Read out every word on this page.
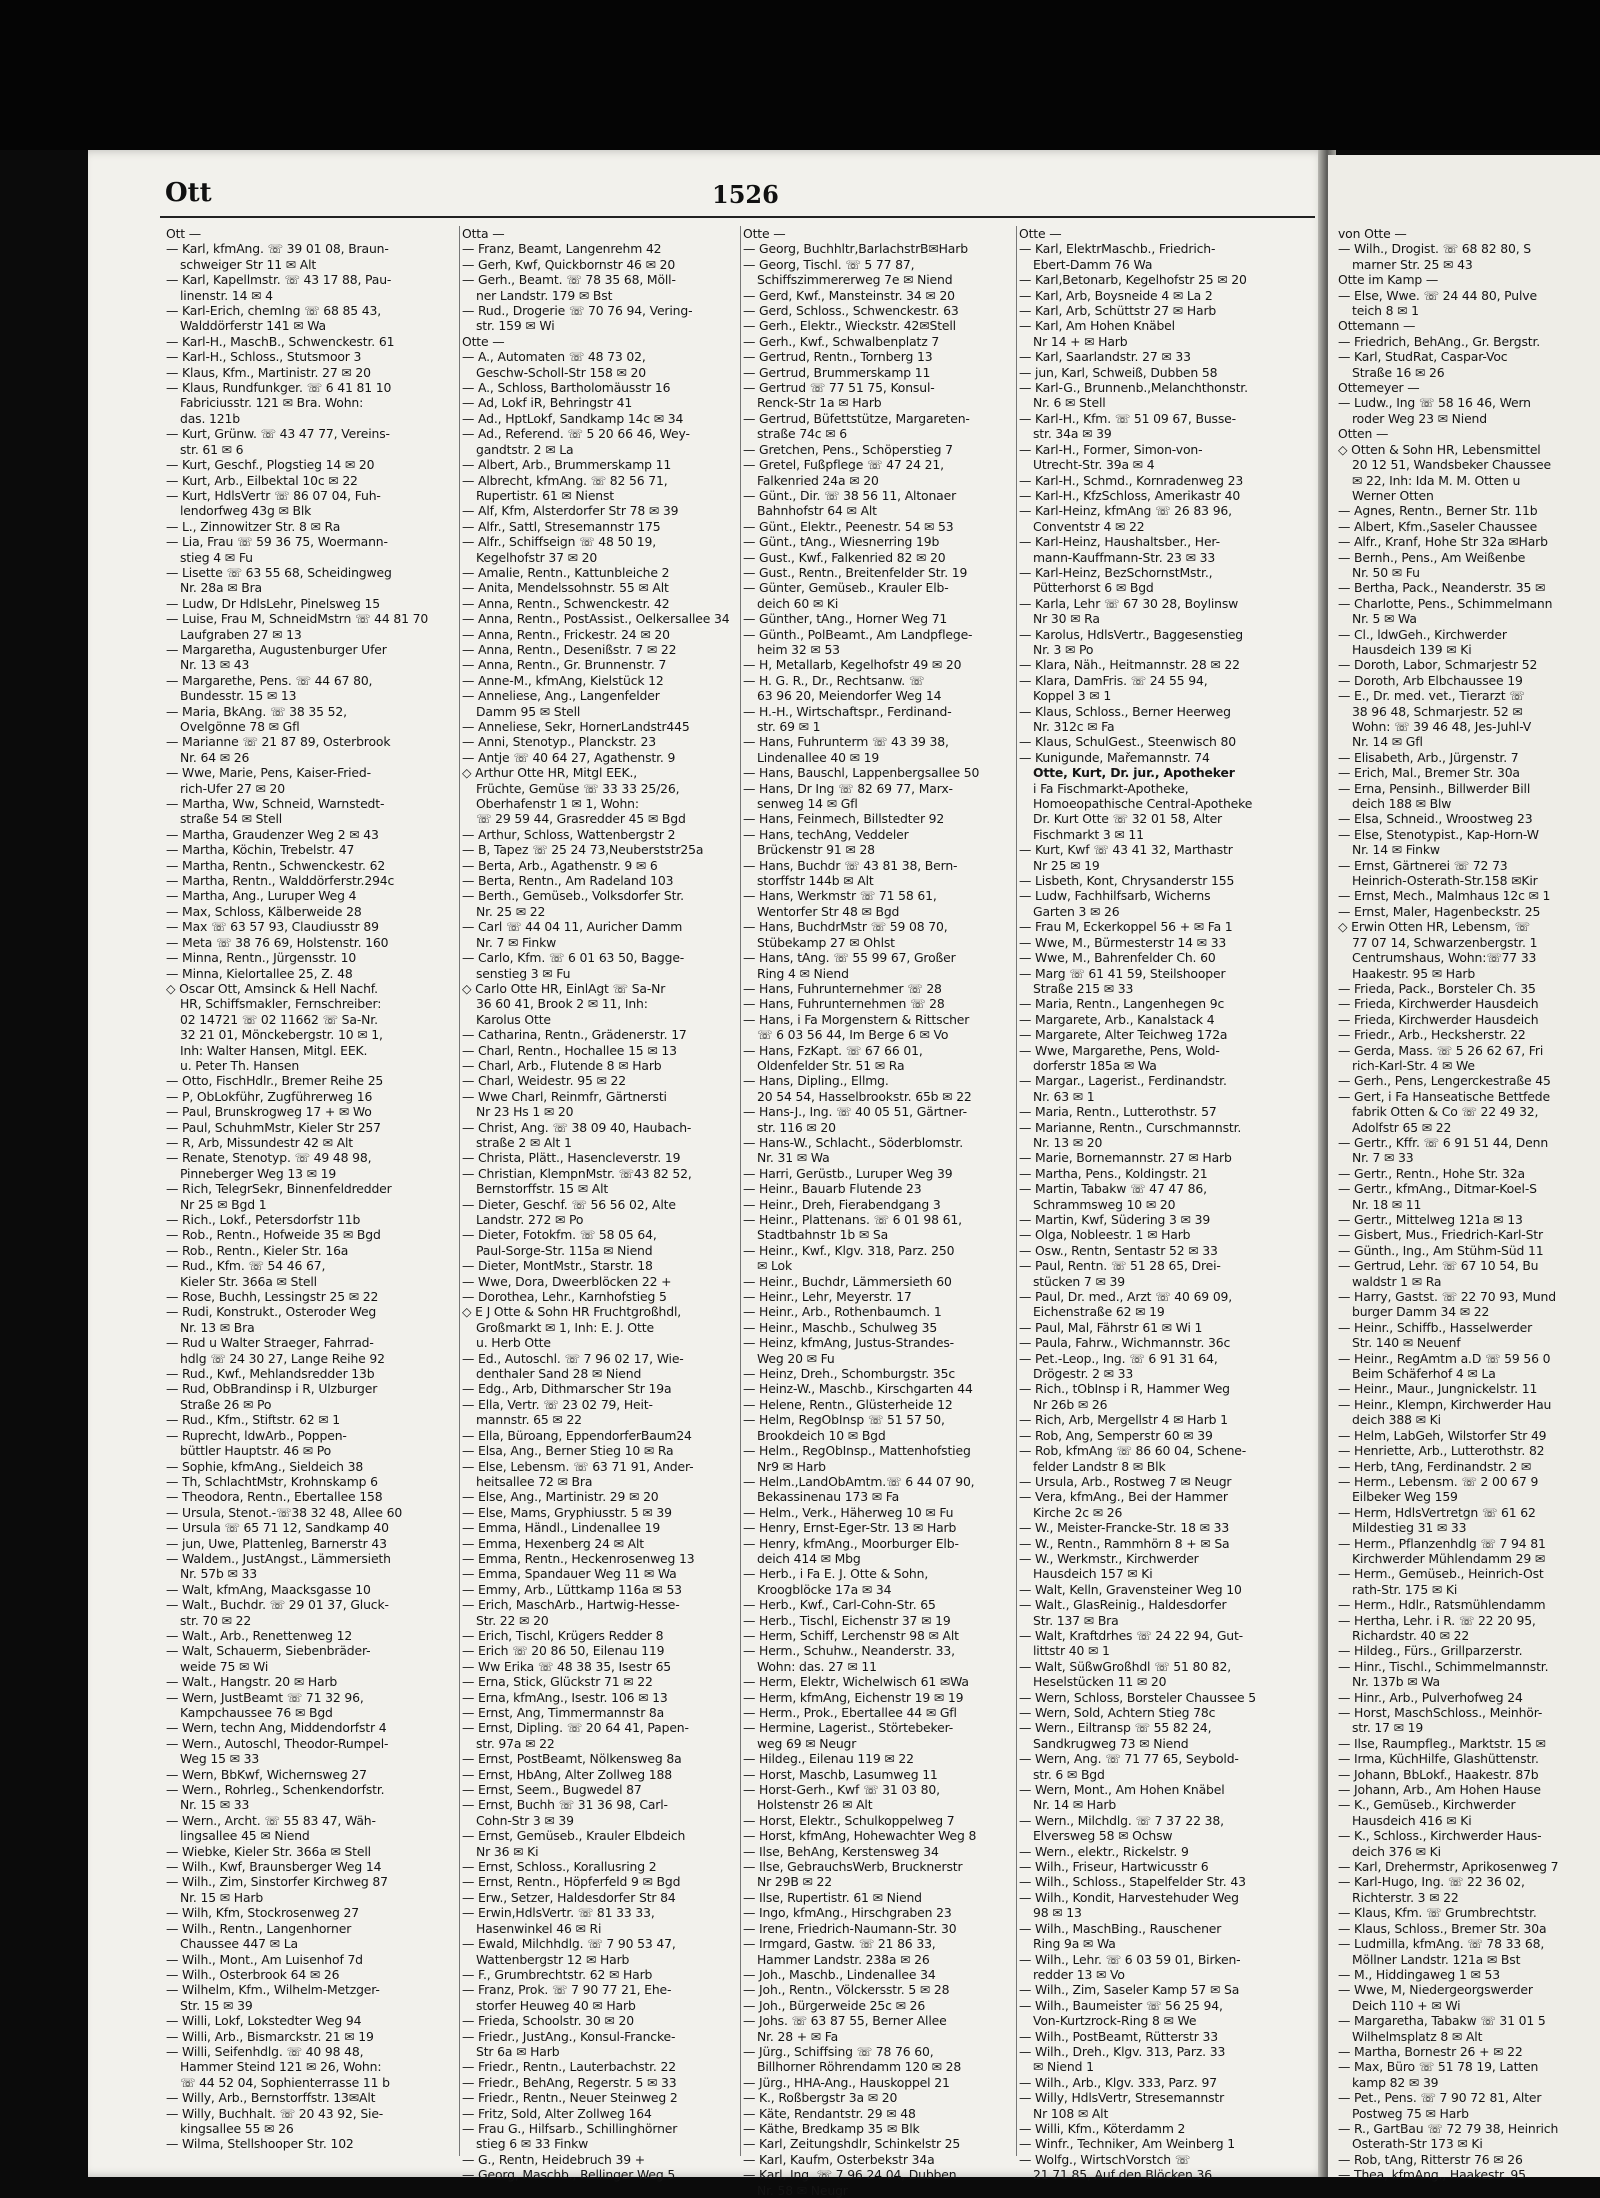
Ott	1526
Ott —
— Karl, kfmAng. ☏ 39 01 08, Braun-
schweiger Str 11 ✉ Alt
— Karl, Kapellmstr. ☏ 43 17 88, Pau-
linenstr. 14 ✉ 4
— Karl-Erich, chemIng ☏ 68 85 43,
Walddörferstr 141 ✉ Wa
— Karl-H., MaschB., Schwenckestr. 61
— Karl-H., Schloss., Stutsmoor 3
— Klaus, Kfm., Martinistr. 27 ✉ 20
— Klaus, Rundfunkger. ☏ 6 41 81 10
Fabriciusstr. 121 ✉ Bra. Wohn:
das. 121b
— Kurt, Grünw. ☏ 43 47 77, Vereins-
str. 61 ✉ 6
— Kurt, Geschf., Plogstieg 14 ✉ 20
— Kurt, Arb., Eilbektal 10c ✉ 22
— Kurt, HdlsVertr ☏ 86 07 04, Fuh-
lendorfweg 43g ✉ Blk
— L., Zinnowitzer Str. 8 ✉ Ra
— Lia, Frau ☏ 59 36 75, Woermann-
stieg 4 ✉ Fu
— Lisette ☏ 63 55 68, Scheidingweg
Nr. 28a ✉ Bra
— Ludw, Dr HdlsLehr, Pinelsweg 15
— Luise, Frau M, SchneidMstrn ☏ 44 81 70
Laufgraben 27 ✉ 13
— Margaretha, Augustenburger Ufer
Nr. 13 ✉ 43
— Margarethe, Pens. ☏ 44 67 80,
Bundesstr. 15 ✉ 13
— Maria, BkAng. ☏ 38 35 52,
Ovelgönne 78 ✉ Gfl
— Marianne ☏ 21 87 89, Osterbrook
Nr. 64 ✉ 26
— Wwe, Marie, Pens, Kaiser-Fried-
rich-Ufer 27 ✉ 20
— Martha, Ww, Schneid, Warnstedt-
straße 54 ✉ Stell
— Martha, Graudenzer Weg 2 ✉ 43
— Martha, Köchin, Trebelstr. 47
— Martha, Rentn., Schwenckestr. 62
— Martha, Rentn., Walddörferstr.294c
— Martha, Ang., Luruper Weg 4
— Max, Schloss, Kälberweide 28
— Max ☏ 63 57 93, Claudiusstr 89
— Meta ☏ 38 76 69, Holstenstr. 160
— Minna, Rentn., Jürgensstr. 10
— Minna, Kielortallee 25, Z. 48
◇ Oscar Ott, Amsinck & Hell Nachf.
HR, Schiffsmakler, Fernschreiber:
02 14721 ☏ 02 11662 ☏ Sa-Nr.
32 21 01, Mönckebergstr. 10 ✉ 1,
Inh: Walter Hansen, Mitgl. EEK.
u. Peter Th. Hansen
— Otto, FischHdlr., Bremer Reihe 25
— P, ObLokführ, Zugführerweg 16
— Paul, Brunskrogweg 17 + ✉ Wo
— Paul, SchuhmMstr, Kieler Str 257
— R, Arb, Missundestr 42 ✉ Alt
— Renate, Stenotyp. ☏ 49 48 98,
Pinneberger Weg 13 ✉ 19
— Rich, TelegrSekr, Binnenfeldredder
Nr 25 ✉ Bgd 1
— Rich., Lokf., Petersdorfstr 11b
— Rob., Rentn., Hofweide 35 ✉ Bgd
— Rob., Rentn., Kieler Str. 16a
— Rud., Kfm. ☏ 54 46 67,
Kieler Str. 366a ✉ Stell
— Rose, Buchh, Lessingstr 25 ✉ 22
— Rudi, Konstrukt., Osteroder Weg
Nr. 13 ✉ Bra
— Rud u Walter Straeger, Fahrrad-
hdlg ☏ 24 30 27, Lange Reihe 92
— Rud., Kwf., Mehlandsredder 13b
— Rud, ObBrandinsp i R, Ulzburger
Straße 26 ✉ Po
— Rud., Kfm., Stiftstr. 62 ✉ 1
— Ruprecht, ldwArb., Poppen-
büttler Hauptstr. 46 ✉ Po
— Sophie, kfmAng., Sieldeich 38
— Th, SchlachtMstr, Krohnskamp 6
— Theodora, Rentn., Ebertallee 158
— Ursula, Stenot.-☏38 32 48, Allee 60
— Ursula ☏ 65 71 12, Sandkamp 40
— jun, Uwe, Plattenleg, Barnerstr 43
— Waldem., JustAngst., Lämmersieth
Nr. 57b ✉ 33
— Walt, kfmAng, Maacksgasse 10
— Walt., Buchdr. ☏ 29 01 37, Gluck-
str. 70 ✉ 22
— Walt., Arb., Renettenweg 12
— Walt, Schauerm, Siebenbräder-
weide 75 ✉ Wi
— Walt., Hangstr. 20 ✉ Harb
— Wern, JustBeamt ☏ 71 32 96,
Kampchaussee 76 ✉ Bgd
— Wern, techn Ang, Middendorfstr 4
— Wern., Autoschl, Theodor-Rumpel-
Weg 15 ✉ 33
— Wern, BbKwf, Wichernsweg 27
— Wern., Rohrleg., Schenkendorfstr.
Nr. 15 ✉ 33
— Wern., Archt. ☏ 55 83 47, Wäh-
lingsallee 45 ✉ Niend
— Wiebke, Kieler Str. 366a ✉ Stell
— Wilh., Kwf, Braunsberger Weg 14
— Wilh., Zim, Sinstorfer Kirchweg 87
Nr. 15 ✉ Harb
— Wilh, Kfm, Stockrosenweg 27
— Wilh., Rentn., Langenhorner
Chaussee 447 ✉ La
— Wilh., Mont., Am Luisenhof 7d
— Wilh., Osterbrook 64 ✉ 26
— Wilhelm, Kfm., Wilhelm-Metzger-
Str. 15 ✉ 39
— Willi, Lokf, Lokstedter Weg 94
— Willi, Arb., Bismarckstr. 21 ✉ 19
— Willi, Seifenhdlg. ☏ 40 98 48,
Hammer Steind 121 ✉ 26, Wohn:
☏ 44 52 04, Sophienterrasse 11 b
— Willy, Arb., Bernstorffstr. 13✉Alt
— Willy, Buchhalt. ☏ 20 43 92, Sie-
kingsallee 55 ✉ 26
— Wilma, Stellshooper Str. 102
Otta —
— Franz, Beamt, Langenrehm 42
— Gerh, Kwf, Quickbornstr 46 ✉ 20
— Gerh., Beamt. ☏ 78 35 68, Möll-
ner Landstr. 179 ✉ Bst
— Rud., Drogerie ☏ 70 76 94, Vering-
str. 159 ✉ Wi
Otte —
— A., Automaten ☏ 48 73 02,
Geschw-Scholl-Str 158 ✉ 20
— A., Schloss, Bartholomäusstr 16
— Ad, Lokf iR, Behringstr 41
— Ad., HptLokf, Sandkamp 14c ✉ 34
— Ad., Referend. ☏ 5 20 66 46, Wey-
gandtstr. 2 ✉ La
— Albert, Arb., Brummerskamp 11
— Albrecht, kfmAng. ☏ 82 56 71,
Rupertistr. 61 ✉ Nienst
— Alf, Kfm, Alsterdorfer Str 78 ✉ 39
— Alfr., Sattl, Stresemannstr 175
— Alfr., Schiffseign ☏ 48 50 19,
Kegelhofstr 37 ✉ 20
— Amalie, Rentn., Kattunbleiche 2
— Anita, Mendelssohnstr. 55 ✉ Alt
— Anna, Rentn., Schwenckestr. 42
— Anna, Rentn., PostAssist., Oelkersallee 34
— Anna, Rentn., Frickestr. 24 ✉ 20
— Anna, Rentn., Desenißstr. 7 ✉ 22
— Anna, Rentn., Gr. Brunnenstr. 7
— Anne-M., kfmAng, Kielstück 12
— Anneliese, Ang., Langenfelder
Damm 95 ✉ Stell
— Anneliese, Sekr, HornerLandstr445
— Anni, Stenotyp., Planckstr. 23
— Antje ☏ 40 64 27, Agathenstr. 9
◇ Arthur Otte HR, Mitgl EEK.,
Früchte, Gemüse ☏ 33 33 25/26,
Oberhafenstr 1 ✉ 1, Wohn:
☏ 29 59 44, Grasredder 45 ✉ Bgd
— Arthur, Schloss, Wattenbergstr 2
— B, Tapez ☏ 25 24 73,Neuberststr25a
— Berta, Arb., Agathenstr. 9 ✉ 6
— Berta, Rentn., Am Radeland 103
— Berth., Gemüseb., Volksdorfer Str.
Nr. 25 ✉ 22
— Carl ☏ 44 04 11, Auricher Damm
Nr. 7 ✉ Finkw
— Carlo, Kfm. ☏ 6 01 63 50, Bagge-
senstieg 3 ✉ Fu
◇ Carlo Otte HR, EinlAgt ☏ Sa-Nr
36 60 41, Brook 2 ✉ 11, Inh:
Karolus Otte
— Catharina, Rentn., Grädenerstr. 17
— Charl, Rentn., Hochallee 15 ✉ 13
— Charl, Arb., Flutende 8 ✉ Harb
— Charl, Weidestr. 95 ✉ 22
— Wwe Charl, Reinmfr, Gärtnersti
Nr 23 Hs 1 ✉ 20
— Christ, Ang. ☏ 38 09 40, Haubach-
straße 2 ✉ Alt 1
— Christa, Plätt., Hasencleverstr. 19
— Christian, KlempnMstr. ☏43 82 52,
Bernstorffstr. 15 ✉ Alt
— Dieter, Geschf. ☏ 56 56 02, Alte
Landstr. 272 ✉ Po
— Dieter, Fotokfm. ☏ 58 05 64,
Paul-Sorge-Str. 115a ✉ Niend
— Dieter, MontMstr., Starstr. 18
— Wwe, Dora, Dweerblöcken 22 +
— Dorothea, Lehr., Karnhofstieg 5
◇ E J Otte & Sohn HR Fruchtgroßhdl,
Großmarkt ✉ 1, Inh: E. J. Otte
u. Herb Otte
— Ed., Autoschl. ☏ 7 96 02 17, Wie-
denthaler Sand 28 ✉ Niend
— Edg., Arb, Dithmarscher Str 19a
— Ella, Vertr. ☏ 23 02 79, Heit-
mannstr. 65 ✉ 22
— Ella, Büroang, EppendorferBaum24
— Elsa, Ang., Berner Stieg 10 ✉ Ra
— Else, Lebensm. ☏ 63 71 91, Ander-
heitsallee 72 ✉ Bra
— Else, Ang., Martinistr. 29 ✉ 20
— Else, Mams, Gryphiusstr. 5 ✉ 39
— Emma, Händl., Lindenallee 19
— Emma, Hexenberg 24 ✉ Alt
— Emma, Rentn., Heckenrosenweg 13
— Emma, Spandauer Weg 11 ✉ Wa
— Emmy, Arb., Lüttkamp 116a ✉ 53
— Erich, MaschArb., Hartwig-Hesse-
Str. 22 ✉ 20
— Erich, Tischl, Krügers Redder 8
— Erich ☏ 20 86 50, Eilenau 119
— Ww Erika ☏ 48 38 35, Isestr 65
— Erna, Stick, Glückstr 71 ✉ 22
— Erna, kfmAng., Isestr. 106 ✉ 13
— Ernst, Ang, Timmermannstr 8a
— Ernst, Dipling. ☏ 20 64 41, Papen-
str. 97a ✉ 22
— Ernst, PostBeamt, Nölkensweg 8a
— Ernst, HbAng, Alter Zollweg 188
— Ernst, Seem., Bugwedel 87
— Ernst, Buchh ☏ 31 36 98, Carl-
Cohn-Str 3 ✉ 39
— Ernst, Gemüseb., Krauler Elbdeich
Nr 36 ✉ Ki
— Ernst, Schloss., Korallusring 2
— Ernst, Rentn., Höpferfeld 9 ✉ Bgd
— Erw., Setzer, Haldesdorfer Str 84
— Erwin,HdlsVertr. ☏ 81 33 33,
Hasenwinkel 46 ✉ Ri
— Ewald, Milchhdlg. ☏ 7 90 53 47,
Wattenbergstr 12 ✉ Harb
— F., Grumbrechtstr. 62 ✉ Harb
— Franz, Prok. ☏ 7 90 77 21, Ehe-
storfer Heuweg 40 ✉ Harb
— Frieda, Schoolstr. 30 ✉ 20
— Friedr., JustAng., Konsul-Francke-
Str 6a ✉ Harb
— Friedr., Rentn., Lauterbachstr. 22
— Friedr., BehAng, Regerstr. 5 ✉ 33
— Friedr., Rentn., Neuer Steinweg 2
— Fritz, Sold, Alter Zollweg 164
— Frau G., Hilfsarb., Schillinghörner
stieg 6 ✉ 33 Finkw
— G., Rentn, Heidebruch 39 +
— Georg, Maschb., Rellinger Weg 5
Otte —
— Georg, Buchhltr,BarlachstrB✉Harb
— Georg, Tischl. ☏ 5 77 87,
Schiffszimmererweg 7e ✉ Niend
— Gerd, Kwf., Mansteinstr. 34 ✉ 20
— Gerd, Schloss., Schwenckestr. 63
— Gerh., Elektr., Wieckstr. 42✉Stell
— Gerh., Kwf., Schwalbenplatz 7
— Gertrud, Rentn., Tornberg 13
— Gertrud, Brummerskamp 11
— Gertrud ☏ 77 51 75, Konsul-
Renck-Str 1a ✉ Harb
— Gertrud, Büfettstütze, Margareten-
straße 74c ✉ 6
— Gretchen, Pens., Schöperstieg 7
— Gretel, Fußpflege ☏ 47 24 21,
Falkenried 24a ✉ 20
— Günt., Dir. ☏ 38 56 11, Altonaer
Bahnhofstr 64 ✉ Alt
— Günt., Elektr., Peenestr. 54 ✉ 53
— Günt., tAng., Wiesnerring 19b
— Gust., Kwf., Falkenried 82 ✉ 20
— Gust., Rentn., Breitenfelder Str. 19
— Günter, Gemüseb., Krauler Elb-
deich 60 ✉ Ki
— Günther, tAng., Horner Weg 71
— Günth., PolBeamt., Am Landpflege-
heim 32 ✉ 53
— H, Metallarb, Kegelhofstr 49 ✉ 20
— H. G. R., Dr., Rechtsanw. ☏
63 96 20, Meiendorfer Weg 14
— H.-H., Wirtschaftspr., Ferdinand-
str. 69 ✉ 1
— Hans, Fuhrunterm ☏ 43 39 38,
Lindenallee 40 ✉ 19
— Hans, Bauschl, Lappenbergsallee 50
— Hans, Dr Ing ☏ 82 69 77, Marx-
senweg 14 ✉ Gfl
— Hans, Feinmech, Billstedter 92
— Hans, techAng, Veddeler
Brückenstr 91 ✉ 28
— Hans, Buchdr ☏ 43 81 38, Bern-
storffstr 144b ✉ Alt
— Hans, Werkmstr ☏ 71 58 61,
Wentorfer Str 48 ✉ Bgd
— Hans, BuchdrMstr ☏ 59 08 70,
Stübekamp 27 ✉ Ohlst
— Hans, tAng. ☏ 55 99 67, Großer
Ring 4 ✉ Niend
— Hans, Fuhrunternehmer ☏ 28
— Hans, Fuhrunternehmen ☏ 28
— Hans, i Fa Morgenstern & Rittscher
☏ 6 03 56 44, Im Berge 6 ✉ Vo
— Hans, FzKapt. ☏ 67 66 01,
Oldenfelder Str. 51 ✉ Ra
— Hans, Dipling., Ellmg.
20 54 54, Hasselbrookstr. 65b ✉ 22
— Hans-J., Ing. ☏ 40 05 51, Gärtner-
str. 116 ✉ 20
— Hans-W., Schlacht., Söderblomstr.
Nr. 31 ✉ Wa
— Harri, Gerüstb., Luruper Weg 39
— Heinr., Bauarb Flutende 23
— Heinr., Dreh, Fierabendgang 3
— Heinr., Plattenans. ☏ 6 01 98 61,
Stadtbahnstr 1b ✉ Sa
— Heinr., Kwf., Klgv. 318, Parz. 250
✉ Lok
— Heinr., Buchdr, Lämmersieth 60
— Heinr., Lehr, Meyerstr. 17
— Heinr., Arb., Rothenbaumch. 1
— Heinr., Maschb., Schulweg 35
— Heinz, kfmAng, Justus-Strandes-
Weg 20 ✉ Fu
— Heinz, Dreh., Schomburgstr. 35c
— Heinz-W., Maschb., Kirschgarten 44
— Helene, Rentn., Glüsterheide 12
— Helm, RegObInsp ☏ 51 57 50,
Brookdeich 10 ✉ Bgd
— Helm., RegObInsp., Mattenhofstieg
Nr9 ✉ Harb
— Helm.,LandObAmtm.☏ 6 44 07 90,
Bekassinenau 173 ✉ Fa
— Helm., Verk., Häherweg 10 ✉ Fu
— Henry, Ernst-Eger-Str. 13 ✉ Harb
— Henry, kfmAng., Moorburger Elb-
deich 414 ✉ Mbg
— Herb., i Fa E. J. Otte & Sohn,
Kroogblöcke 17a ✉ 34
— Herb., Kwf., Carl-Cohn-Str. 65
— Herb., Tischl, Eichenstr 37 ✉ 19
— Herm, Schiff, Lerchenstr 98 ✉ Alt
— Herm., Schuhw., Neanderstr. 33,
Wohn: das. 27 ✉ 11
— Herm, Elektr, Wichelwisch 61 ✉Wa
— Herm, kfmAng, Eichenstr 19 ✉ 19
— Herm., Prok., Ebertallee 44 ✉ Gfl
— Hermine, Lagerist., Störtebeker-
weg 69 ✉ Neugr
— Hildeg., Eilenau 119 ✉ 22
— Horst, Maschb, Lasumweg 11
— Horst-Gerh., Kwf ☏ 31 03 80,
Holstenstr 26 ✉ Alt
— Horst, Elektr., Schulkoppelweg 7
— Horst, kfmAng, Hohewachter Weg 8
— Ilse, BehAng, Kerstensweg 34
— Ilse, GebrauchsWerb, Brucknerstr
Nr 29B ✉ 22
— Ilse, Rupertistr. 61 ✉ Niend
— Ingo, kfmAng., Hirschgraben 23
— Irene, Friedrich-Naumann-Str. 30
— Irmgard, Gastw. ☏ 21 86 33,
Hammer Landstr. 238a ✉ 26
— Joh., Maschb., Lindenallee 34
— Joh., Rentn., Völckersstr. 5 ✉ 28
— Joh., Bürgerweide 25c ✉ 26
— Johs. ☏ 63 87 55, Berner Allee
Nr. 28 + ✉ Fa
— Jürg., Schiffsing ☏ 78 76 60,
Billhorner Röhrendamm 120 ✉ 28
— Jürg., HHA-Ang., Hauskoppel 21
— K., Roßbergstr 3a ✉ 20
— Käte, Rendantstr. 29 ✉ 48
— Käthe, Bredkamp 35 ✉ Blk
— Karl, Zeitungshdlr, Schinkelstr 25
— Karl, Kaufm, Osterbekstr 34a
— Karl, Ing. ☏ 7 96 24 04, Dubben
Nr. 58 ✉ Neugr
Otte —
— Karl, ElektrMaschb., Friedrich-
Ebert-Damm 76 Wa
— Karl,Betonarb, Kegelhofstr 25 ✉ 20
— Karl, Arb, Boysneide 4 ✉ La 2
— Karl, Arb, Schüttstr 27 ✉ Harb
— Karl, Am Hohen Knäbel
Nr 14 + ✉ Harb
— Karl, Saarlandstr. 27 ✉ 33
— jun, Karl, Schweiß, Dubben 58
— Karl-G., Brunnenb.,Melanchthonstr.
Nr. 6 ✉ Stell
— Karl-H., Kfm. ☏ 51 09 67, Busse-
str. 34a ✉ 39
— Karl-H., Former, Simon-von-
Utrecht-Str. 39a ✉ 4
— Karl-H., Schmd., Kornradenweg 23
— Karl-H., KfzSchloss, Amerikastr 40
— Karl-Heinz, kfmAng ☏ 26 83 96,
Conventstr 4 ✉ 22
— Karl-Heinz, Haushaltsber., Her-
mann-Kauffmann-Str. 23 ✉ 33
— Karl-Heinz, BezSchornstMstr.,
Pütterhorst 6 ✉ Bgd
— Karla, Lehr ☏ 67 30 28, Boylinsw
Nr 30 ✉ Ra
— Karolus, HdlsVertr., Baggesenstieg
Nr. 3 ✉ Po
— Klara, Näh., Heitmannstr. 28 ✉ 22
— Klara, DamFris. ☏ 24 55 94,
Koppel 3 ✉ 1
— Klaus, Schloss., Berner Heerweg
Nr. 312c ✉ Fa
— Klaus, SchulGest., Steenwisch 80
— Kunigunde, Mařemannstr. 74
Otte, Kurt, Dr. jur., Apotheker
i Fa Fischmarkt-Apotheke,
Homoeopathische Central-Apotheke
Dr. Kurt Otte ☏ 32 01 58, Alter
Fischmarkt 3 ✉ 11
— Kurt, Kwf ☏ 43 41 32, Marthastr
Nr 25 ✉ 19
— Lisbeth, Kont, Chrysanderstr 155
— Ludw, Fachhilfsarb, Wicherns
Garten 3 ✉ 26
— Frau M, Eckerkoppel 56 + ✉ Fa 1
— Wwe, M., Bürmesterstr 14 ✉ 33
— Wwe, M., Bahrenfelder Ch. 60
— Marg ☏ 61 41 59, Steilshooper
Straße 215 ✉ 33
— Maria, Rentn., Langenhegen 9c
— Margarete, Arb., Kanalstack 4
— Margarete, Alter Teichweg 172a
— Wwe, Margarethe, Pens, Wold-
dorferstr 185a ✉ Wa
— Margar., Lagerist., Ferdinandstr.
Nr. 63 ✉ 1
— Maria, Rentn., Lutterothstr. 57
— Marianne, Rentn., Curschmannstr.
Nr. 13 ✉ 20
— Marie, Bornemannstr. 27 ✉ Harb
— Martha, Pens., Koldingstr. 21
— Martin, Tabakw ☏ 47 47 86,
Schrammsweg 10 ✉ 20
— Martin, Kwf, Südering 3 ✉ 39
— Olga, Nobleestr. 1 ✉ Harb
— Osw., Rentn, Sentastr 52 ✉ 33
— Paul, Rentn. ☏ 51 28 65, Drei-
stücken 7 ✉ 39
— Paul, Dr. med., Arzt ☏ 40 69 09,
Eichenstraße 62 ✉ 19
— Paul, Mal, Fährstr 61 ✉ Wi 1
— Paula, Fahrw., Wichmannstr. 36c
— Pet.-Leop., Ing. ☏ 6 91 31 64,
Drögestr. 2 ✉ 33
— Rich., tObInsp i R, Hammer Weg
Nr 26b ✉ 26
— Rich, Arb, Mergellstr 4 ✉ Harb 1
— Rob, Ang, Semperstr 60 ✉ 39
— Rob, kfmAng ☏ 86 60 04, Schene-
felder Landstr 8 ✉ Blk
— Ursula, Arb., Rostweg 7 ✉ Neugr
— Vera, kfmAng., Bei der Hammer
Kirche 2c ✉ 26
— W., Meister-Francke-Str. 18 ✉ 33
— W., Rentn., Rammhörn 8 + ✉ Sa
— W., Werkmstr., Kirchwerder
Hausdeich 157 ✉ Ki
— Walt, Kelln, Gravensteiner Weg 10
— Walt., GlasReinig., Haldesdorfer
Str. 137 ✉ Bra
— Walt, Kraftdrhes ☏ 24 22 94, Gut-
littstr 40 ✉ 1
— Walt, SüßwGroßhdl ☏ 51 80 82,
Heselstücken 11 ✉ 20
— Wern, Schloss, Borsteler Chaussee 5
— Wern, Sold, Achtern Stieg 78c
— Wern., Eiltransp ☏ 55 82 24,
Sandkrugweg 73 ✉ Niend
— Wern, Ang. ☏ 71 77 65, Seybold-
str. 6 ✉ Bgd
— Wern, Mont., Am Hohen Knäbel
Nr. 14 ✉ Harb
— Wern., Milchdlg. ☏ 7 37 22 38,
Elversweg 58 ✉ Ochsw
— Wern., elektr., Rickelstr. 9
— Wilh., Friseur, Hartwicusstr 6
— Wilh., Schloss., Stapelfelder Str. 43
— Wilh., Kondit, Harvestehuder Weg
98 ✉ 13
— Wilh., MaschBing., Rauschener
Ring 9a ✉ Wa
— Wilh., Lehr. ☏ 6 03 59 01, Birken-
redder 13 ✉ Vo
— Wilh., Zim, Saseler Kamp 57 ✉ Sa
— Wilh., Baumeister ☏ 56 25 94,
Von-Kurtzrock-Ring 8 ✉ We
— Wilh., PostBeamt, Rütterstr 33
— Wilh., Dreh., Klgv. 313, Parz. 33
✉ Niend 1
— Wilh., Arb., Klgv. 333, Parz. 97
— Willy, HdlsVertr, Stresemannstr
Nr 108 ✉ Alt
— Willi, Kfm., Köterdamm 2
— Winfr., Techniker, Am Weinberg 1
— Wolfg., WirtschVorstch ☏
21 71 85, Auf den Blöcken 36
von Otte —
— Wilh., Drogist. ☏ 68 82 80, S
marner Str. 25 ✉ 43
Otte im Kamp —
— Else, Wwe. ☏ 24 44 80, Pulve
teich 8 ✉ 1
Ottemann —
— Friedrich, BehAng., Gr. Bergstr.
— Karl, StudRat, Caspar-Voc
Straße 16 ✉ 26
Ottemeyer —
— Ludw., Ing ☏ 58 16 46, Wern
roder Weg 23 ✉ Niend
Otten —
◇ Otten & Sohn HR, Lebensmittel
20 12 51, Wandsbeker Chaussee
✉ 22, Inh: Ida M. M. Otten u
Werner Otten
— Agnes, Rentn., Berner Str. 11b
— Albert, Kfm.,Saseler Chaussee
— Alfr., Kranf, Hohe Str 32a ✉Harb
— Bernh., Pens., Am Weißenbe
Nr. 50 ✉ Fu
— Bertha, Pack., Neanderstr. 35 ✉
— Charlotte, Pens., Schimmelmann
Nr. 5 ✉ Wa
— Cl., ldwGeh., Kirchwerder
Hausdeich 139 ✉ Ki
— Doroth, Labor, Schmarjestr 52
— Doroth, Arb Elbchaussee 19
— E., Dr. med. vet., Tierarzt ☏
38 96 48, Schmarjestr. 52 ✉
Wohn: ☏ 39 46 48, Jes-Juhl-V
Nr. 14 ✉ Gfl
— Elisabeth, Arb., Jürgenstr. 7
— Erich, Mal., Bremer Str. 30a
— Erna, Pensinh., Billwerder Bill
deich 188 ✉ Blw
— Elsa, Schneid., Wroostweg 23
— Else, Stenotypist., Kap-Horn-W
Nr. 14 ✉ Finkw
— Ernst, Gärtnerei ☏ 72 73
Heinrich-Osterath-Str.158 ✉Kir
— Ernst, Mech., Malmhaus 12c ✉ 1
— Ernst, Maler, Hagenbeckstr. 25
◇ Erwin Otten HR, Lebensm, ☏
77 07 14, Schwarzenbergstr. 1
Centrumshaus, Wohn:☏77 33
Haakestr. 95 ✉ Harb
— Frieda, Pack., Borsteler Ch. 35
— Frieda, Kirchwerder Hausdeich
— Frieda, Kirchwerder Hausdeich
— Friedr., Arb., Hecksherstr. 22
— Gerda, Mass. ☏ 5 26 62 67, Fri
rich-Karl-Str. 4 ✉ We
— Gerh., Pens, Lengerckestraße 45
— Gert, i Fa Hanseatische Bettfede
fabrik Otten & Co ☏ 22 49 32,
Adolfstr 65 ✉ 22
— Gertr., Kffr. ☏ 6 91 51 44, Denn
Nr. 7 ✉ 33
— Gertr., Rentn., Hohe Str. 32a
— Gertr., kfmAng., Ditmar-Koel-S
Nr. 18 ✉ 11
— Gertr., Mittelweg 121a ✉ 13
— Gisbert, Mus., Friedrich-Karl-Str
— Günth., Ing., Am Stühm-Süd 11
— Gertrud, Lehr. ☏ 67 10 54, Bu
waldstr 1 ✉ Ra
— Harry, Gastst. ☏ 22 70 93, Mund
burger Damm 34 ✉ 22
— Heinr., Schiffb., Hasselwerder
Str. 140 ✉ Neuenf
— Heinr., RegAmtm a.D ☏ 59 56 0
Beim Schäferhof 4 ✉ La
— Heinr., Maur., Jungnickelstr. 11
— Heinr., Klempn, Kirchwerder Hau
deich 388 ✉ Ki
— Helm, LabGeh, Wilstorfer Str 49
— Henriette, Arb., Lutterothstr. 82
— Herb, tAng, Ferdinandstr. 2 ✉
— Herm., Lebensm. ☏ 2 00 67 9
Eilbeker Weg 159
— Herm, HdlsVertretgn ☏ 61 62
Mildestieg 31 ✉ 33
— Herm., Pflanzenhdlg ☏ 7 94 81
Kirchwerder Mühlendamm 29 ✉
— Herm., Gemüseb., Heinrich-Ost
rath-Str. 175 ✉ Ki
— Herm., Hdlr., Ratsmühlendamm
— Hertha, Lehr. i R. ☏ 22 20 95,
Richardstr. 40 ✉ 22
— Hildeg., Fürs., Grillparzerstr.
— Hinr., Tischl., Schimmelmannstr.
Nr. 137b ✉ Wa
— Hinr., Arb., Pulverhofweg 24
— Horst, MaschSchloss., Meinhör-
str. 17 ✉ 19
— Ilse, Raumpfleg., Marktstr. 15 ✉
— Irma, KüchHilfe, Glashüttenstr.
— Johann, BbLokf., Haakestr. 87b
— Johann, Arb., Am Hohen Hause
— K., Gemüseb., Kirchwerder
Hausdeich 416 ✉ Ki
— K., Schloss., Kirchwerder Haus-
deich 376 ✉ Ki
— Karl, Drehermstr, Aprikosenweg 7
— Karl-Hugo, Ing. ☏ 22 36 02,
Richterstr. 3 ✉ 22
— Klaus, Kfm. ☏ Grumbrechtstr.
— Klaus, Schloss., Bremer Str. 30a
— Ludmilla, kfmAng. ☏ 78 33 68,
Möllner Landstr. 121a ✉ Bst
— M., Hiddingaweg 1 ✉ 53
— Wwe, M, Niedergeorgswerder
Deich 110 + ✉ Wi
— Margaretha, Tabakw ☏ 31 01 5
Wilhelmsplatz 8 ✉ Alt
— Martha, Bornestr 26 + ✉ 22
— Max, Büro ☏ 51 78 19, Latten
kamp 82 ✉ 39
— Pet., Pens. ☏ 7 90 72 81, Alter
Postweg 75 ✉ Harb
— R., GartBau ☏ 72 79 38, Heinrich
Osterath-Str 173 ✉ Ki
— Rob, tAng, Ritterstr 76 ✉ 26
— Thea, kfmAng., Haakestr. 95
